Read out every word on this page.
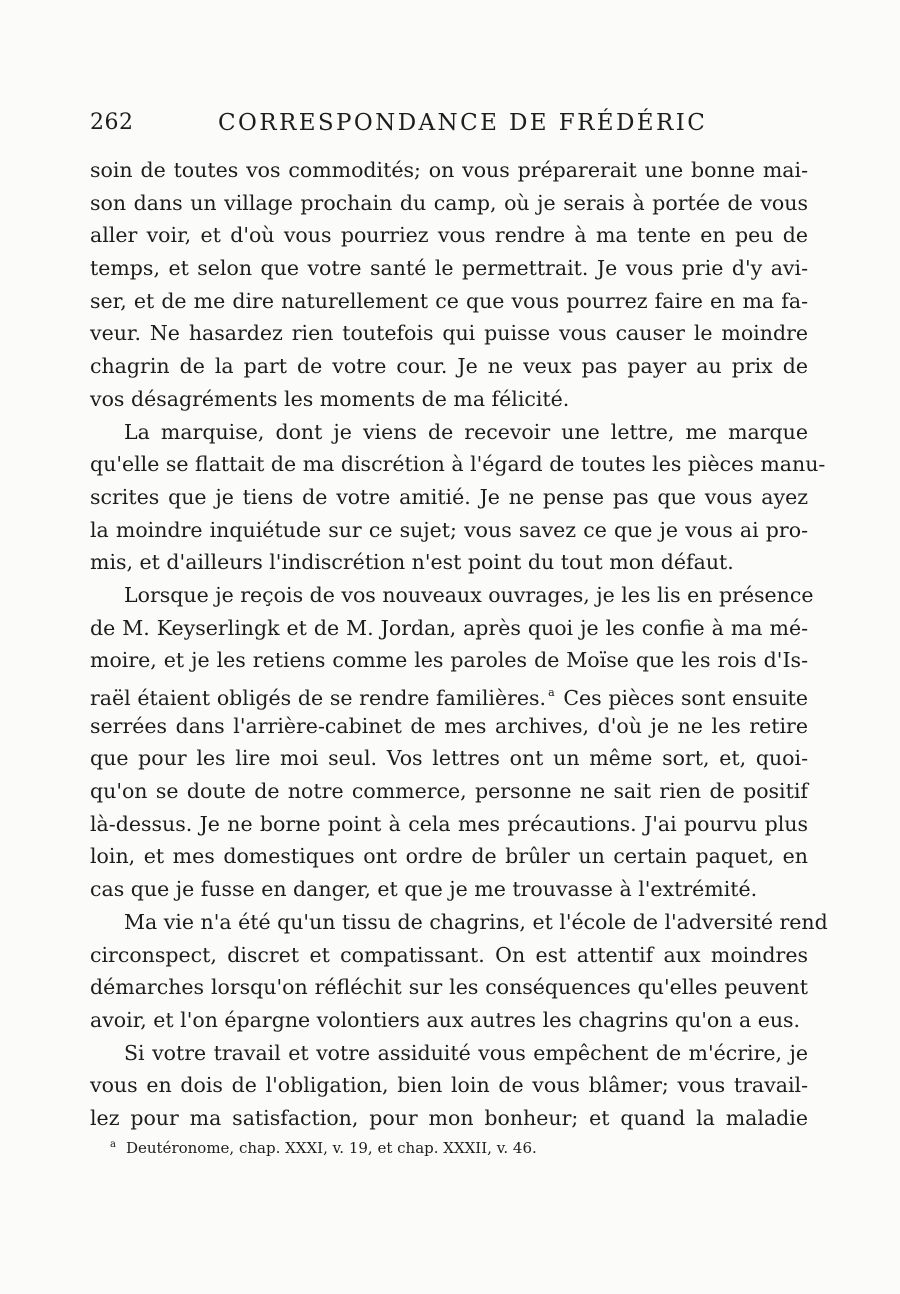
262	CORRESPONDANCE DE FRÉDÉRIC
soin de toutes vos commodités; on vous préparerait une bonne mai-
son dans un village prochain du camp, où je serais à portée de vous
aller voir, et d'où vous pourriez vous rendre à ma tente en peu de
temps, et selon que votre santé le permettrait. Je vous prie d'y avi-
ser, et de me dire naturellement ce que vous pourrez faire en ma fa-
veur. Ne hasardez rien toutefois qui puisse vous causer le moindre
chagrin de la part de votre cour. Je ne veux pas payer au prix de
vos désagréments les moments de ma félicité.
La marquise, dont je viens de recevoir une lettre, me marque
qu'elle se flattait de ma discrétion à l'égard de toutes les pièces manu-
scrites que je tiens de votre amitié. Je ne pense pas que vous ayez
la moindre inquiétude sur ce sujet; vous savez ce que je vous ai pro-
mis, et d'ailleurs l'indiscrétion n'est point du tout mon défaut.
Lorsque je reçois de vos nouveaux ouvrages, je les lis en présence
de M. Keyserlingk et de M. Jordan, après quoi je les confie à ma mé-
moire, et je les retiens comme les paroles de Moïse que les rois d'Is-
raël étaient obligés de se rendre familières. $^a$ Ces pièces sont ensuite
serrées dans l'arrière-cabinet de mes archives, d'où je ne les retire
que pour les lire moi seul. Vos lettres ont un même sort, et, quoi-
qu'on se doute de notre commerce, personne ne sait rien de positif
là-dessus. Je ne borne point à cela mes précautions. J'ai pourvu plus
loin, et mes domestiques ont ordre de brûler un certain paquet, en
cas que je fusse en danger, et que je me trouvasse à l'extrémité.
Ma vie n'a été qu'un tissu de chagrins, et l'école de l'adversité rend
circonspect, discret et compatissant. On est attentif aux moindres
démarches lorsqu'on réfléchit sur les conséquences qu'elles peuvent
avoir, et l'on épargne volontiers aux autres les chagrins qu'on a eus.
Si votre travail et votre assiduité vous empêchent de m'écrire, je
vous en dois de l'obligation, bien loin de vous blâmer; vous travail-
lez pour ma satisfaction, pour mon bonheur; et quand la maladie
$^a$ Deutéronome, chap. XXXI, v. 19, et chap. XXXII, v. 46.
